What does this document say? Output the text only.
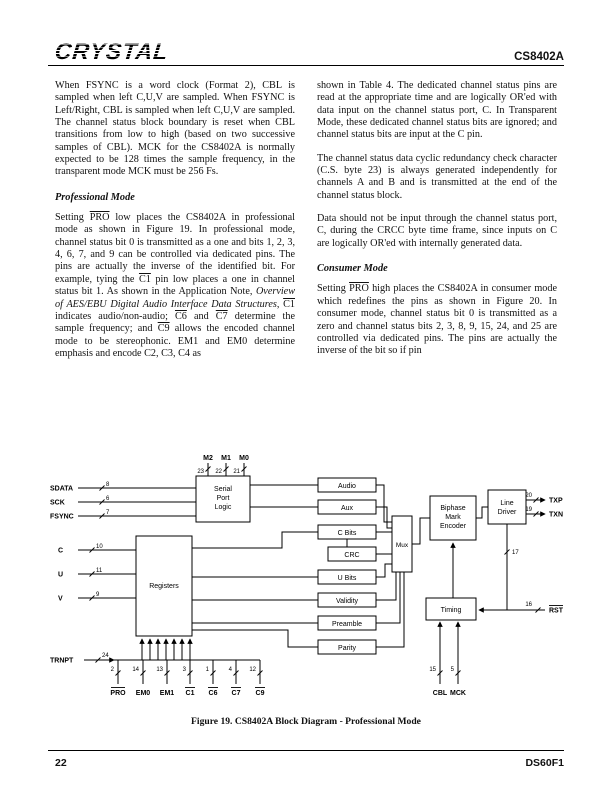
CRYSTAL	CS8402A

When FSYNC is a word clock (Format 2), CBL is sampled when left C,U,V are sampled. When FSYNC is Left/Right, CBL is sampled when left C,U,V are sampled. The channel status block boundary is reset when CBL transitions from low to high (based on two successive samples of CBL). MCK for the CS8402A is normally expected to be 128 times the sample frequency, in the transparent mode MCK must be 256 Fs.

Professional Mode

Setting $\overline{PRO}$ low places the CS8402A in professional mode as shown in Figure 19. In professional mode, channel status bit 0 is transmitted as a one and bits 1, 2, 3, 4, 6, 7, and 9 can be controlled via dedicated pins. The pins are actually the inverse of the identified bit. For example, tying the C1 pin low places a one in channel status bit 1. As shown in the Application Note, Overview of AES/EBU Digital Audio Interface Data Structures, C1 indicates audio/non-audio; C6 and C7 determine the sample frequency; and C9 allows the encoded channel mode to be stereophonic. EM1 and EM0 determine emphasis and encode C2, C3, C4 as

shown in Table 4. The dedicated channel status pins are read at the appropriate time and are logically OR'ed with data input on the channel status port, C. In Transparent Mode, these dedicated channel status bits are ignored; and channel status bits are input at the C pin.

The channel status data cyclic redundancy check character (C.S. byte 23) is always generated independently for channels A and B and is transmitted at the end of the channel status block.

Data should not be input through the channel status port, C, during the CRCC byte time frame, since inputs on C are logically OR'ed with internally generated data.

Consumer Mode

Setting $\overline{PRO}$ high places the CS8402A in consumer mode which redefines the pins as shown in Figure 20. In consumer mode, channel status bit 0 is transmitted as a zero and channel status bits 2, 3, 8, 9, 15, 24, and 25 are controlled via dedicated pins. The pins are actually the inverse of the bit so if pin

Serial
Port
Logic
Registers
Audio
Aux
C Bits
CRC
U Bits
Validity
Preamble
Parity
Mux
Biphase
Mark
Encoder
Line
Driver
Timing
M2 M1 M0
23 22 21
SDATA
SCK
FSYNC
8
6
7
C
U
V
10
11
9
TRNPT
24
PRO EM0 EM1 C1 C6 C7 C9
2	14	13	3	1	4	12
CBL MCK
15 5
TXP
TXN
20
19
17
RST
16
Figure 19. CS8402A Block Diagram - Professional Mode
22	DS60F1
